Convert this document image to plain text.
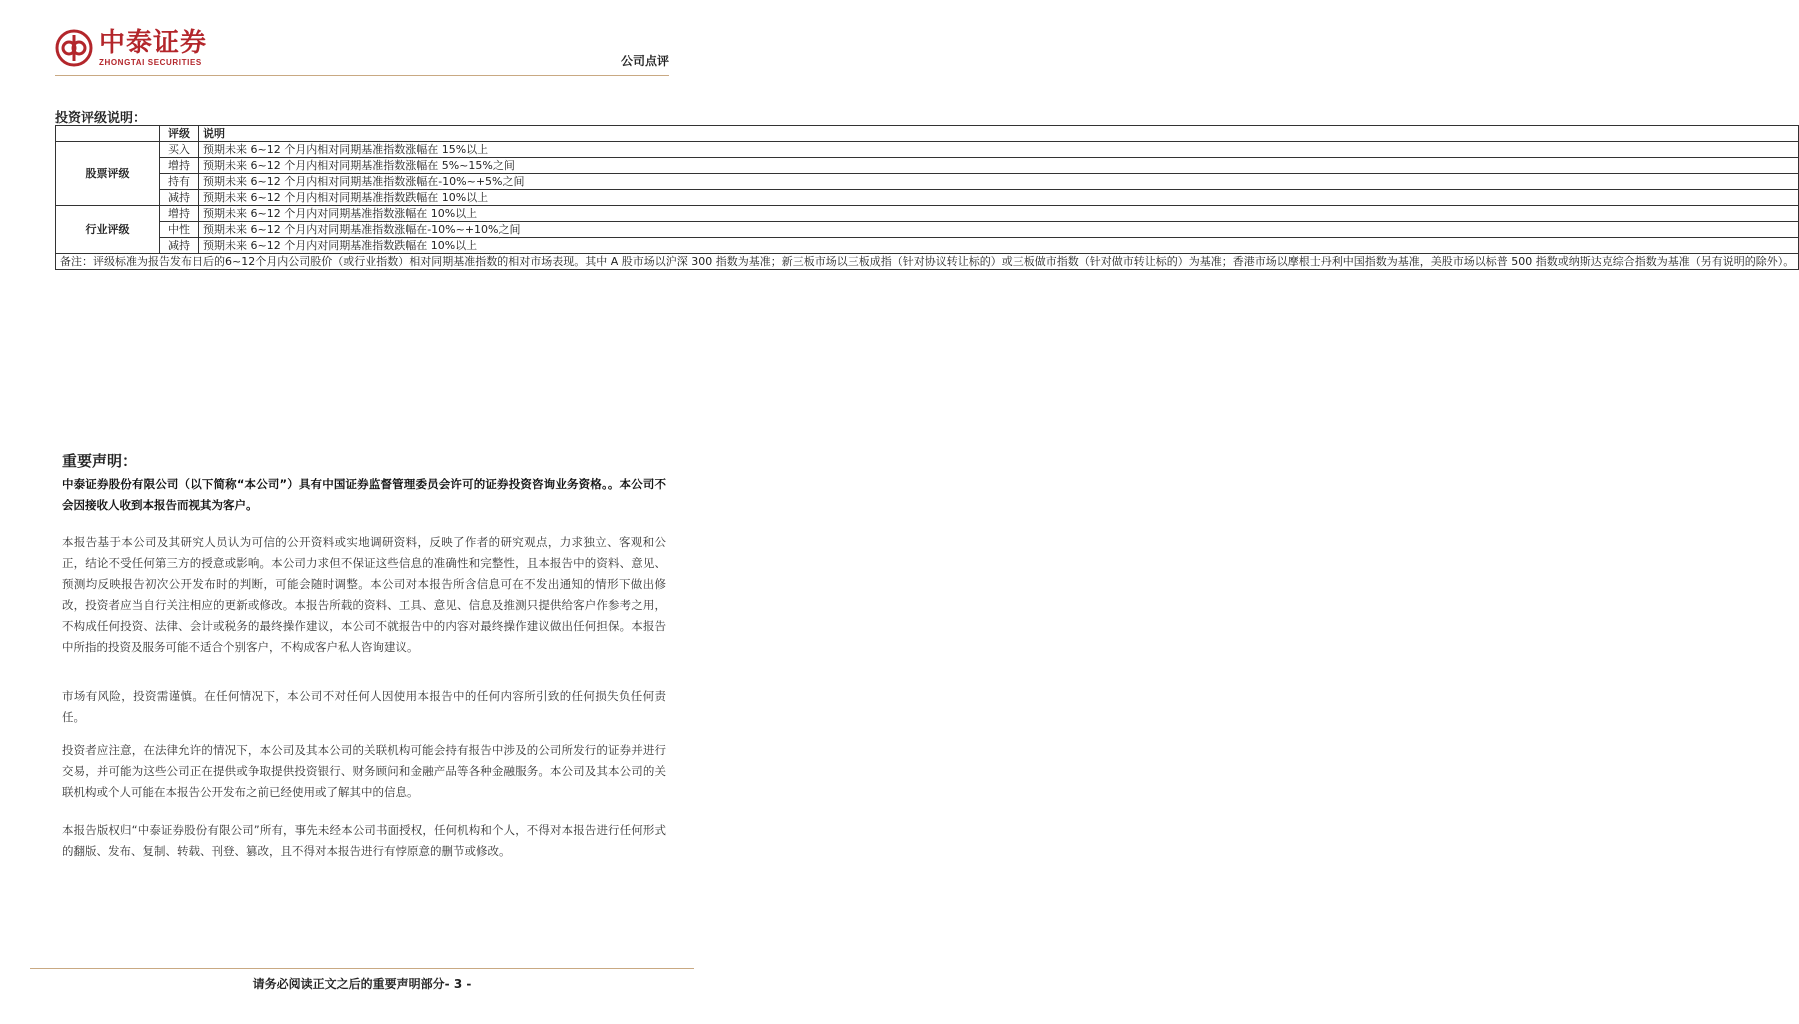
中泰证券
ZHONGTAI SECURITIES	公司点评
投资评级说明：
	评级	说明
股票评级	买入	预期未来 6~12 个月内相对同期基准指数涨幅在 15%以上
	增持	预期未来 6~12 个月内相对同期基准指数涨幅在 5%~15%之间
	持有	预期未来 6~12 个月内相对同期基准指数涨幅在-10%~+5%之间
	减持	预期未来 6~12 个月内相对同期基准指数跌幅在 10%以上
行业评级	增持	预期未来 6~12 个月内对同期基准指数涨幅在 10%以上
	中性	预期未来 6~12 个月内对同期基准指数涨幅在-10%~+10%之间
	减持	预期未来 6~12 个月内对同期基准指数跌幅在 10%以上
备注：评级标准为报告发布日后的6~12个月内公司股价（或行业指数）相对同期基准指数的相对市场表现。其中 A 股市场以沪深 300 指数为基准；新三板市场以三板成指（针对协议转让标的）或三板做市指数（针对做市转让标的）为基准；香港市场以摩根士丹利中国指数为基准，美股市场以标普 500 指数或纳斯达克综合指数为基准（另有说明的除外）。		
重要声明：
中泰证券股份有限公司（以下简称“本公司”）具有中国证券监督管理委员会许可的证券投资咨询业务资格。。本公司不会因接收人收到本报告而视其为客户。
本报告基于本公司及其研究人员认为可信的公开资料或实地调研资料，反映了作者的研究观点，力求独立、客观和公正，结论不受任何第三方的授意或影响。本公司力求但不保证这些信息的准确性和完整性，且本报告中的资料、意见、预测均反映报告初次公开发布时的判断，可能会随时调整。本公司对本报告所含信息可在不发出通知的情形下做出修改，投资者应当自行关注相应的更新或修改。本报告所载的资料、工具、意见、信息及推测只提供给客户作参考之用，不构成任何投资、法律、会计或税务的最终操作建议，本公司不就报告中的内容对最终操作建议做出任何担保。本报告中所指的投资及服务可能不适合个别客户，不构成客户私人咨询建议。
市场有风险，投资需谨慎。在任何情况下，本公司不对任何人因使用本报告中的任何内容所引致的任何损失负任何责任。
投资者应注意，在法律允许的情况下，本公司及其本公司的关联机构可能会持有报告中涉及的公司所发行的证券并进行交易，并可能为这些公司正在提供或争取提供投资银行、财务顾问和金融产品等各种金融服务。本公司及其本公司的关联机构或个人可能在本报告公开发布之前已经使用或了解其中的信息。
本报告版权归“中泰证券股份有限公司”所有，事先未经本公司书面授权，任何机构和个人，不得对本报告进行任何形式的翻版、发布、复制、转载、刊登、篡改，且不得对本报告进行有悖原意的删节或修改。
请务必阅读正文之后的重要声明部分- 3 -
